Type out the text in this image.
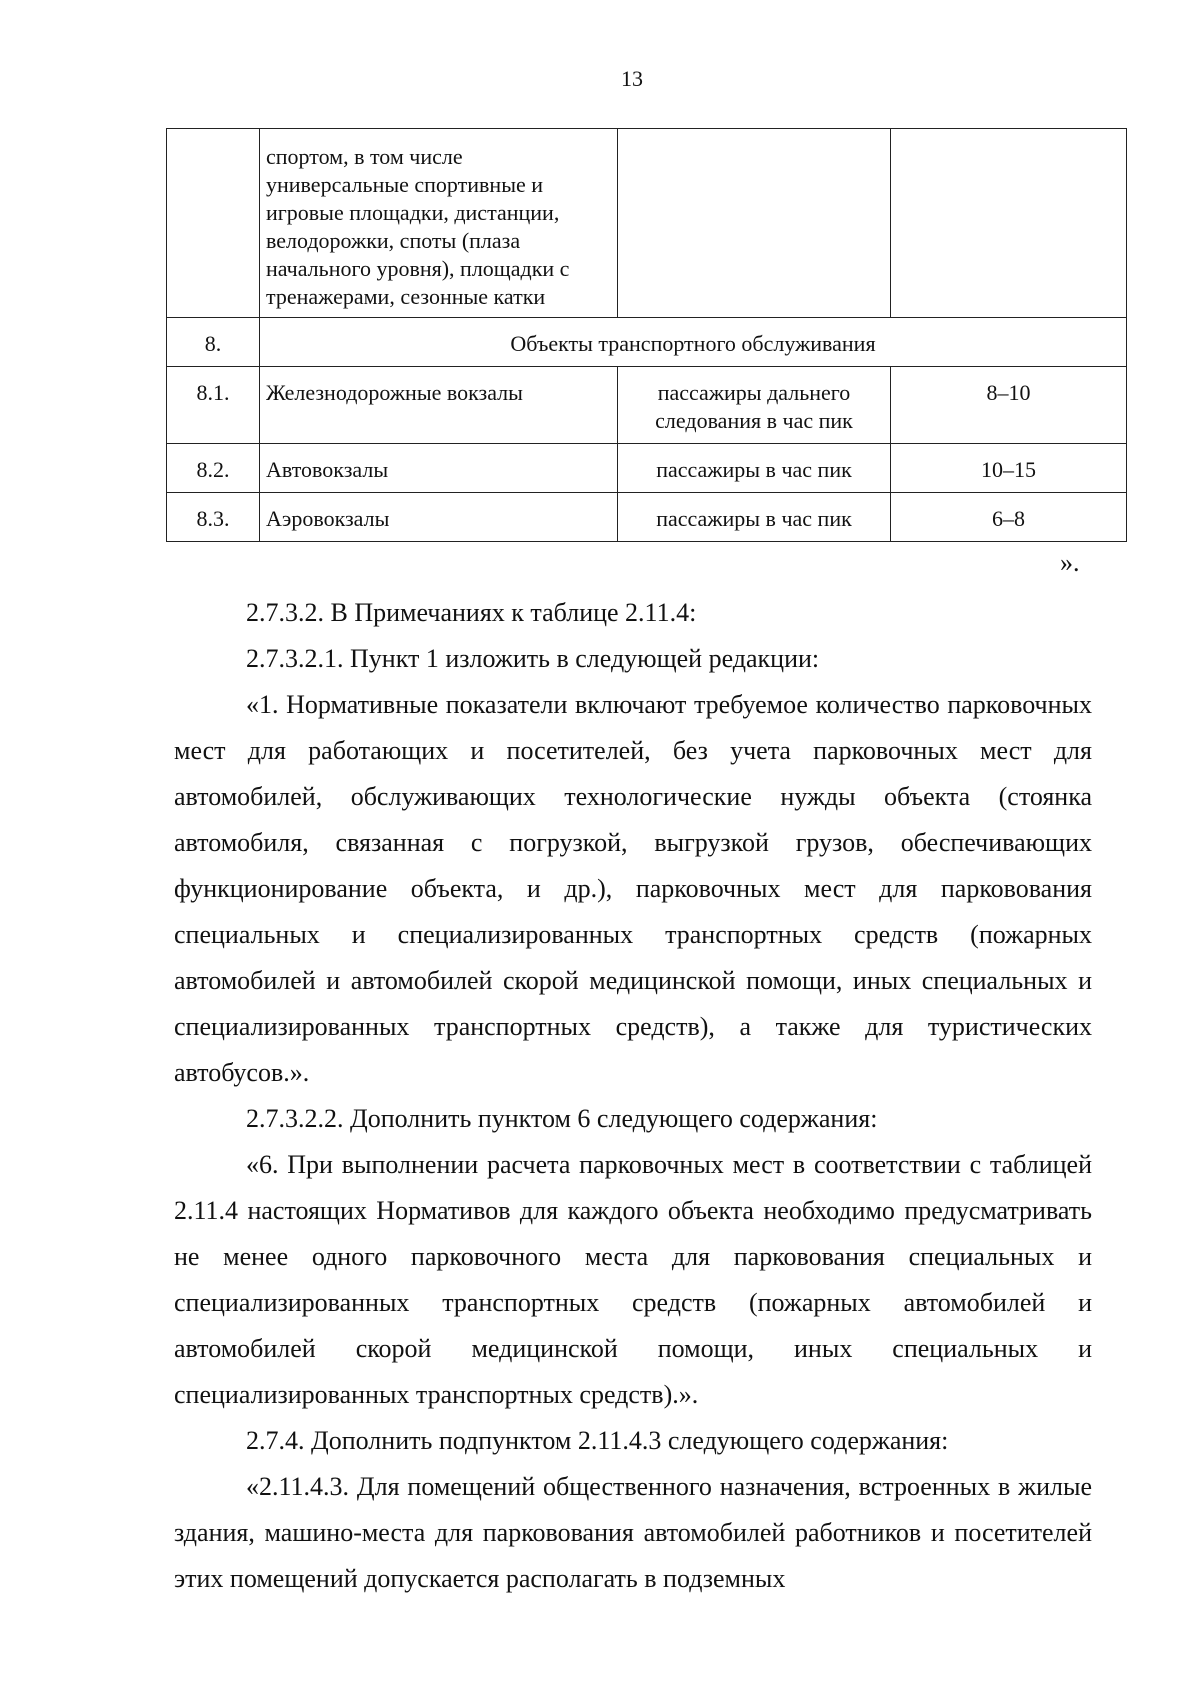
13
	спортом, в том числе универсальные спортивные и игровые площадки, дистанции, велодорожки, споты (плаза начального уровня), площадки с тренажерами, сезонные катки		
8.	Объекты транспортного обслуживания		
8.1.	Железнодорожные вокзалы	пассажиры дальнего следования в час пик	8–10
8.2.	Автовокзалы	пассажиры в час пик	10–15
8.3.	Аэровокзалы	пассажиры в час пик	6–8
».

2.7.3.2. В Примечаниях к таблице 2.11.4:

2.7.3.2.1. Пункт 1 изложить в следующей редакции:

«1. Нормативные показатели включают требуемое количество парковочных мест для работающих и посетителей, без учета парковочных мест для автомобилей, обслуживающих технологические нужды объекта (стоянка автомобиля, связанная с погрузкой, выгрузкой грузов, обеспечивающих функционирование объекта, и др.), парковочных мест для парковования специальных и специализированных транспортных средств (пожарных автомобилей и автомобилей скорой медицинской помощи, иных специальных и специализированных транспортных средств), а также для туристических автобусов.».

2.7.3.2.2. Дополнить пунктом 6 следующего содержания:

«6. При выполнении расчета парковочных мест в соответствии с таблицей 2.11.4 настоящих Нормативов для каждого объекта необходимо предусматривать не менее одного парковочного места для парковования специальных и специализированных транспортных средств (пожарных автомобилей и автомобилей скорой медицинской помощи, иных специальных и специализированных транспортных средств).».

2.7.4. Дополнить подпунктом 2.11.4.3 следующего содержания:

«2.11.4.3. Для помещений общественного назначения, встроенных в жилые здания, машино-места для парковования автомобилей работников и посетителей этих помещений допускается располагать в подземных
